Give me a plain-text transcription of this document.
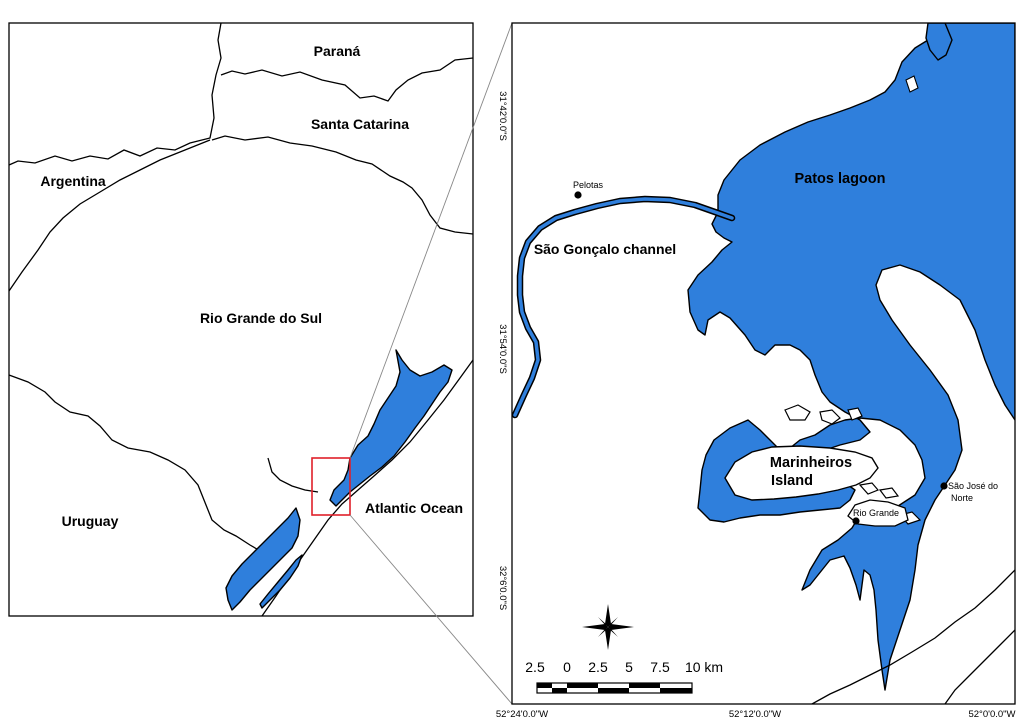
Paraná
Santa Catarina
Argentina
Rio Grande do Sul
Uruguay
Atlantic Ocean
Patos lagoon
Pelotas
São Gonçalo channel
Marinheiros
Island
Rio Grande
São José do
Norte
31°42'0.0"S
31°54'0.0"S
32°6'0.0"S
52°24'0.0"W	52°12'0.0"W	52°0'0.0"W
2.5 0 2.5 5 7.5 10 km
